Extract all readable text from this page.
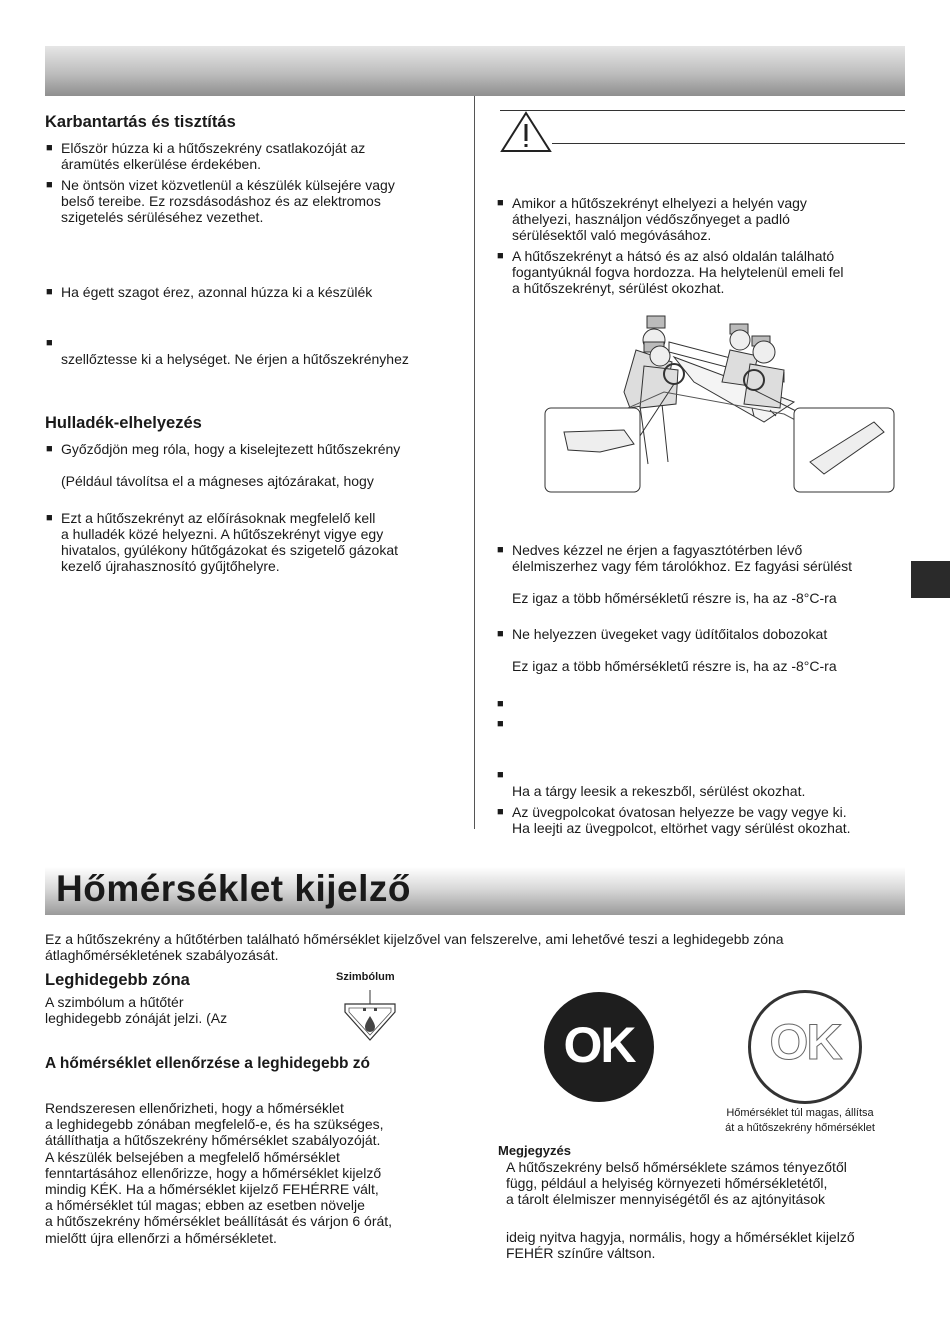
Karbantartás és tisztítás
■ Először húzza ki a hűtőszekrény csatlakozóját az
áramütés elkerülése érdekében.
■ Ne öntsön vizet közvetlenül a készülék külsejére vagy
belső tereibe. Ez rozsdásodáshoz és az elektromos
szigetelés sérüléséhez vezethet.
■ Ha égett szagot érez, azonnal húzza ki a készülék
■ szellőztesse ki a helységet. Ne érjen a hűtőszekrényhez
Hulladék-elhelyezés
■ Győződjön meg róla, hogy a kiselejtezett hűtőszekrény
(Például távolítsa el a mágneses ajtózárakat, hogy
■ Ezt a hűtőszekrényt az előírásoknak megfelelő kell
a hulladék közé helyezni. A hűtőszekrényt vigye egy
hivatalos, gyúlékony hűtőgázokat és szigetelő gázokat
kezelő újrahasznosító gyűjtőhelyre.
■ Amikor a hűtőszekrényt elhelyezi a helyén vagy
áthelyezi, használjon védőszőnyeget a padló
sérülésektől való megóvásához.
■ A hűtőszekrényt a hátsó és az alsó oldalán található
fogantyúknál fogva hordozza. Ha helytelenül emeli fel
a hűtőszekrényt, sérülést okozhat.
■ Nedves kézzel ne érjen a fagyasztótérben lévő
élelmiszerhez vagy fém tárolókhoz. Ez fagyási sérülést
Ez igaz a több hőmérsékletű részre is, ha az -8°C-ra
■ Ne helyezzen üvegeket vagy üdítőitalos dobozokat
Ez igaz a több hőmérsékletű részre is, ha az -8°C-ra
■ Ha a tárgy leesik a rekeszből, sérülést okozhat.
■ Az üvegpolcokat óvatosan helyezze be vagy vegye ki.
Ha leejti az üvegpolcot, eltörhet vagy sérülést okozhat.
Hőmérséklet kijelző
Ez a hűtőszekrény a hűtőtérben található hőmérséklet kijelzővel van felszerelve, ami lehetővé teszi a leghidegebb zóna
átlaghőmérsékletének szabályozását.
Leghidegebb zóna
A szimbólum a hűtőtér
leghidegebb zónáját jelzi. (Az
Szimbólum
A hőmérséklet ellenőrzése a leghidegebb zó
Rendszeresen ellenőrizheti, hogy a hőmérséklet
a leghidegebb zónában megfelelő-e, és ha szükséges,
átállíthatja a hűtőszekrény hőmérséklet szabályozóját.
A készülék belsejében a megfelelő hőmérséklet
fenntartásához ellenőrizze, hogy a hőmérséklet kijelző
mindig KÉK. Ha a hőmérséklet kijelző FEHÉRRE vált,
a hőmérséklet túl magas; ebben az esetben növelje
a hűtőszekrény hőmérséklet beállítását és várjon 6 órát,
mielőtt újra ellenőrzi a hőmérsékletet.
OK	OK
Hőmérséklet túl magas, állítsa
át a hűtőszekrény hőmérséklet
Megjegyzés
A hűtőszekrény belső hőmérséklete számos tényezőtől
függ, például a helyiség környezeti hőmérsékletétől,
a tárolt élelmiszer mennyiségétől és az ajtónyitások
ideig nyitva hagyja, normális, hogy a hőmérséklet kijelző
FEHÉR színűre váltson.
